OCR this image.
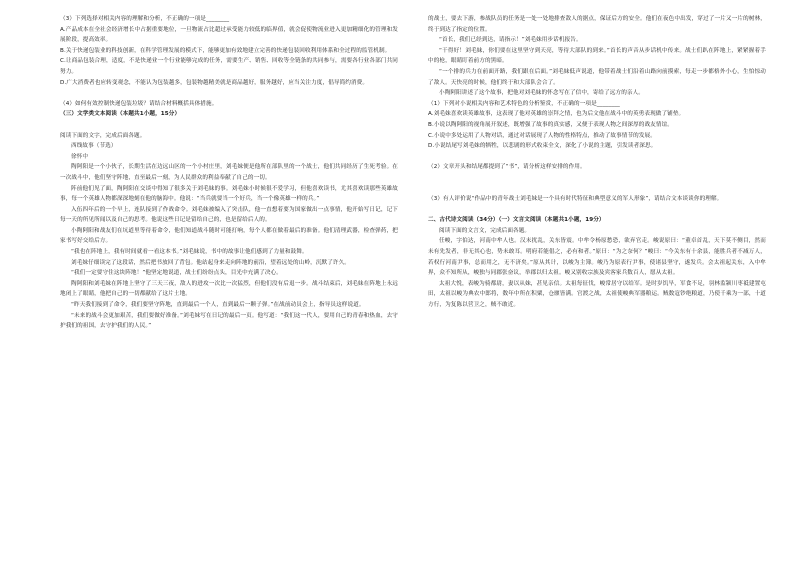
（3）下列选择对相关内容的理解和分析，不正确的一项是________

A.产品成本在全社会经济增长中占据重要地位，一旦物流占比超过承受能力较低的临界值，就会促使物流业进入更加精细化的管理和发展阶段，提高效率。

B.关于快递包装业的科技创新，在科学管理发展的模式下，能够更加有效地建立完善的快递包装回收利用体系和全过程的监管机制。

C.让商品包装合理，适度，不是快递业一个行业能够完成的任务，需要生产、销售、回收等全链条的共同参与，需要各行业各部门共同努力。

D.广大消费者也应转变观念，不能认为包装越多，包装物越精美就是商品越好，服务越好，应当关注力度，倡导简约消费。

（4）如何有效控制快递包装垃圾？请结合材料概括具体措施。

（三）文学类文本阅读（本题共1小题，15分）

阅读下面的文字，完成后面各题。

西线故事（节选）

徐怀中

陶阿阳是一个小伙子，长期生活在边远山区的一个小村庄里，刘毛妹便是他所在部队里的一个战士，他们共同经历了生死考验。在一次战斗中，他们坚守阵地，直至最后一刻，为人民群众的利益奉献了自己的一切。

阵前他们见了面，陶阿阳在交谈中得知了很多关于刘毛妹的事。刘毛妹小时候很不爱学习，但他喜欢读书，尤其喜欢读那些英雄故事，每一个英雄人物都深深地刻在他的脑海中。他说：“当兵就要当一个好兵，当一个像英雄一样的兵。”

入伍四年后的一个早上，连队接到了作战命令。刘毛妹被编入了突击队，他一直想着要为国家做出一点事情，他开始写日记，记下每一天的所见所闻以及自己的思考。他说这些日记是留给自己的，也是留给后人的。

小陶阿阳和战友们在坑道里等待着命令，他们知道战斗随时可能打响，每个人都在做着最后的准备。他们清理武器，检查弹药，把家书写好交给后方。

“我也在阵地上，我有时间就看一看这本书。”刘毛妹说，书中的故事让他们感到了力量和鼓舞。

刘毛妹仔细读完了这段话，然后把书放回了背包。他站起身来走向阵地的前沿，望着远处的山岭，沉默了许久。

“我们一定要守住这块阵地！”他坚定地说道，战士们纷纷点头，目光中充满了决心。

陶阿阳和刘毛妹在阵地上坚守了三天三夜，敌人的进攻一次比一次猛烈，但他们没有后退一步。战斗结束后，刘毛妹在阵地上永远地闭上了眼睛，他把自己的一切都献给了这片土地。

“昨天我们接到了命令，我们要坚守阵地，直到最后一个人，直到最后一颗子弹。”在战前动员会上，指导员这样说道。

“未来的战斗会更加艰苦，我们要做好准备。”刘毛妹写在日记的最后一页。他写道：“我们这一代人，要用自己的青春和热血，去守护我们的祖国，去守护我们的人民。”

的战士，要去下游，参战队员的任务是一处一处地排查敌人的据点，保证后方的安全。他们在夜色中出发，穿过了一片又一片的树林，终于到达了指定的位置。

“首长，我们已经到达，请指示！”刘毛妹用步话机报告。

“干得好！刘毛妹，你们要在这里坚守到天亮，等待大部队的到来。”首长的声音从步话机中传来。战士们趴在阵地上，紧紧握着手中的枪，眼睛盯着前方的黑暗。

“一个排的兵力在前面开路，我们跟在后面。”刘毛妹低声说道，他带着战士们沿着山路向前摸索，每走一步都格外小心，生怕惊动了敌人。天快亮的时候，他们终于和大部队会合了。

小陶阿阳讲述了这个故事，把他对刘毛妹的怀念写在了信中，寄给了远方的亲人。

（1）下列对小说相关内容和艺术特色的分析鉴赏，不正确的一项是________

A.刘毛妹喜欢读英雄故事，这表现了他对英雄的崇拜之情，也为后文他在战斗中的英勇表现做了铺垫。

B.小说以陶阿阳的视角展开叙述，既增强了故事的真实感，又便于表现人物之间深厚的战友情谊。

C.小说中多处运用了人物对话，通过对话展现了人物的性格特点，推动了故事情节的发展。

D.小说结尾写刘毛妹的牺牲，以悲剧的形式收束全文，深化了小说的主题，引发读者深思。

（2）文章开头和结尾都提到了“书”，请分析这样安排的作用。

（3）有人评价说“作品中的青年战士刘毛妹是一个具有时代特征和典型意义的军人形象”，请结合文本谈谈你的理解。

二、古代诗文阅读（34分）（一）文言文阅读（本题共1小题，19分）

阅读下面的文言文，完成后面各题。

任峻，字伯达，河南中牟人也。汉末扰乱，关东皆震。中牟令杨原愁恐，欲弃官走。峻说原曰：“董卓首乱，天下莫不侧目，然而未有先发者，非无其心也，势未敢耳。明府若能倡之，必有和者。”原曰：“为之奈何？”峻曰：“今关东有十余县，能胜兵者不减万人，若权行河南尹事，总而用之，无不济矣。”原从其计，以峻为主簿。峻乃为原表行尹事，使诸县坚守，遂发兵。会太祖起关东，入中牟界，众不知所从，峻独与同郡张奋议，举郡以归太祖。峻又别收宗族及宾客家兵数百人，愿从太祖。

太祖大悦，表峻为骑都尉，妻以从妹，甚见亲信。太祖每征伐，峻常居守以给军。是时岁饥旱，军食不足，羽林监颍川枣祗建置屯田，太祖以峻为典农中郎将，数年中所在积粟，仓廪皆满。官渡之战，太祖使峻典军器粮运。贼数寇钞绝粮道，乃使千乘为一部，十道方行，为复陈以营卫之，贼不敢近。
